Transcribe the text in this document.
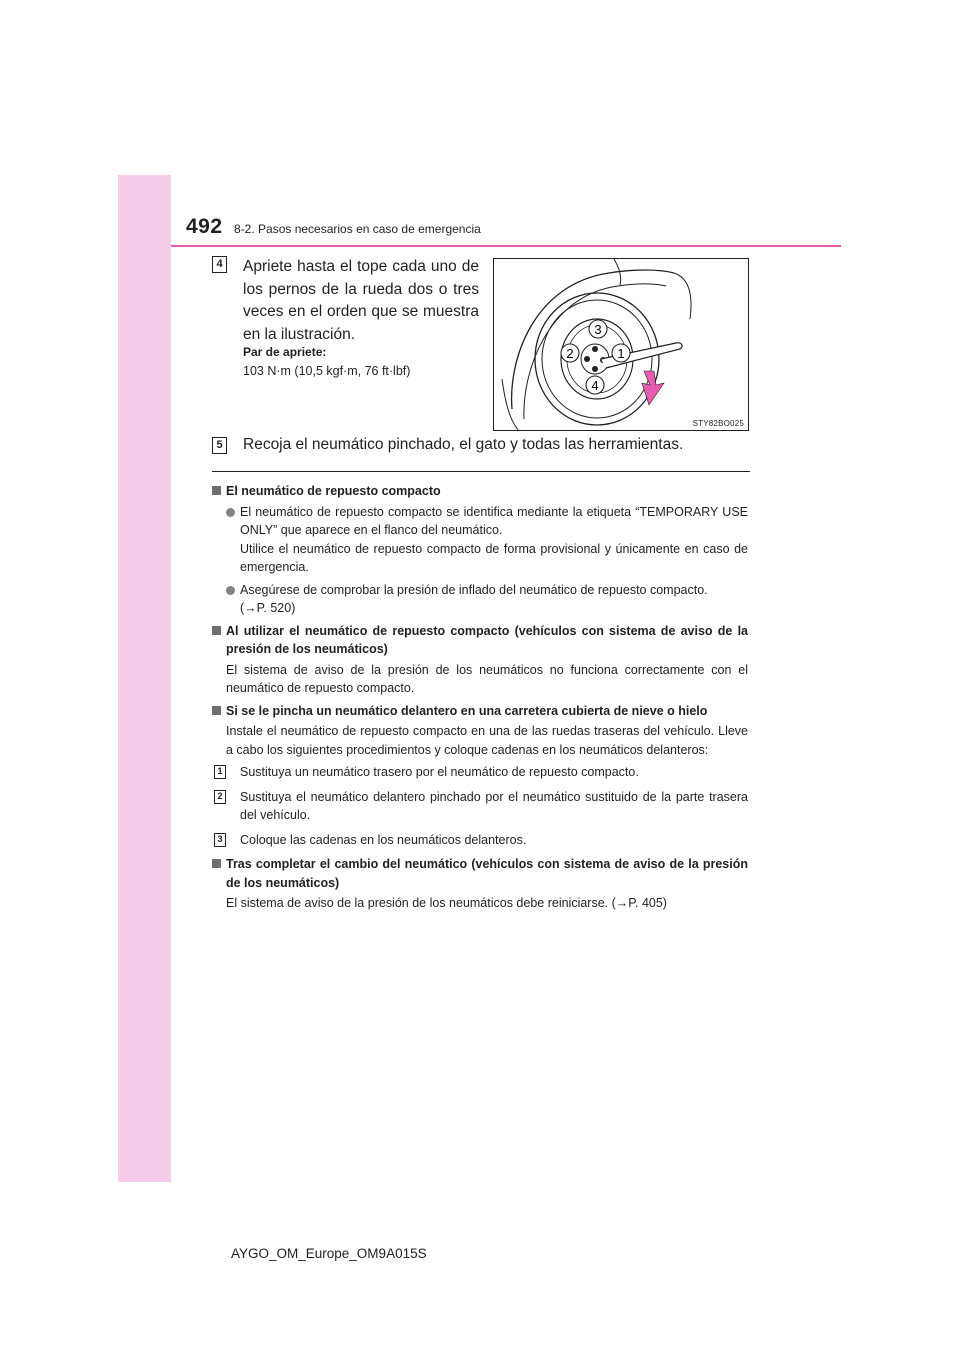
492 8-2. Pasos necesarios en caso de emergencia
4 Apriete hasta el tope cada uno de los pernos de la rueda dos o tres veces en el orden que se muestra en la ilustración.
Par de apriete:
103 N·m (10,5 kgf·m, 76 ft·lbf)
3
2	1
4
STY82BO025
5 Recoja el neumático pinchado, el gato y todas las herramientas.
El neumático de repuesto compacto
El neumático de repuesto compacto se identifica mediante la etiqueta “TEMPORARY USE ONLY” que aparece en el flanco del neumático.
Utilice el neumático de repuesto compacto de forma provisional y únicamente en caso de emergencia.
Asegúrese de comprobar la presión de inflado del neumático de repuesto compacto.
(→P. 520)
Al utilizar el neumático de repuesto compacto (vehículos con sistema de aviso de la presión de los neumáticos)
El sistema de aviso de la presión de los neumáticos no funciona correctamente con el neumático de repuesto compacto.
Si se le pincha un neumático delantero en una carretera cubierta de nieve o hielo
Instale el neumático de repuesto compacto en una de las ruedas traseras del vehículo. Lleve a cabo los siguientes procedimientos y coloque cadenas en los neumáticos delanteros:
1 Sustituya un neumático trasero por el neumático de repuesto compacto.
2 Sustituya el neumático delantero pinchado por el neumático sustituido de la parte trasera del vehículo.
3 Coloque las cadenas en los neumáticos delanteros.
Tras completar el cambio del neumático (vehículos con sistema de aviso de la presión de los neumáticos)
El sistema de aviso de la presión de los neumáticos debe reiniciarse. (→P. 405)
AYGO_OM_Europe_OM9A015S
